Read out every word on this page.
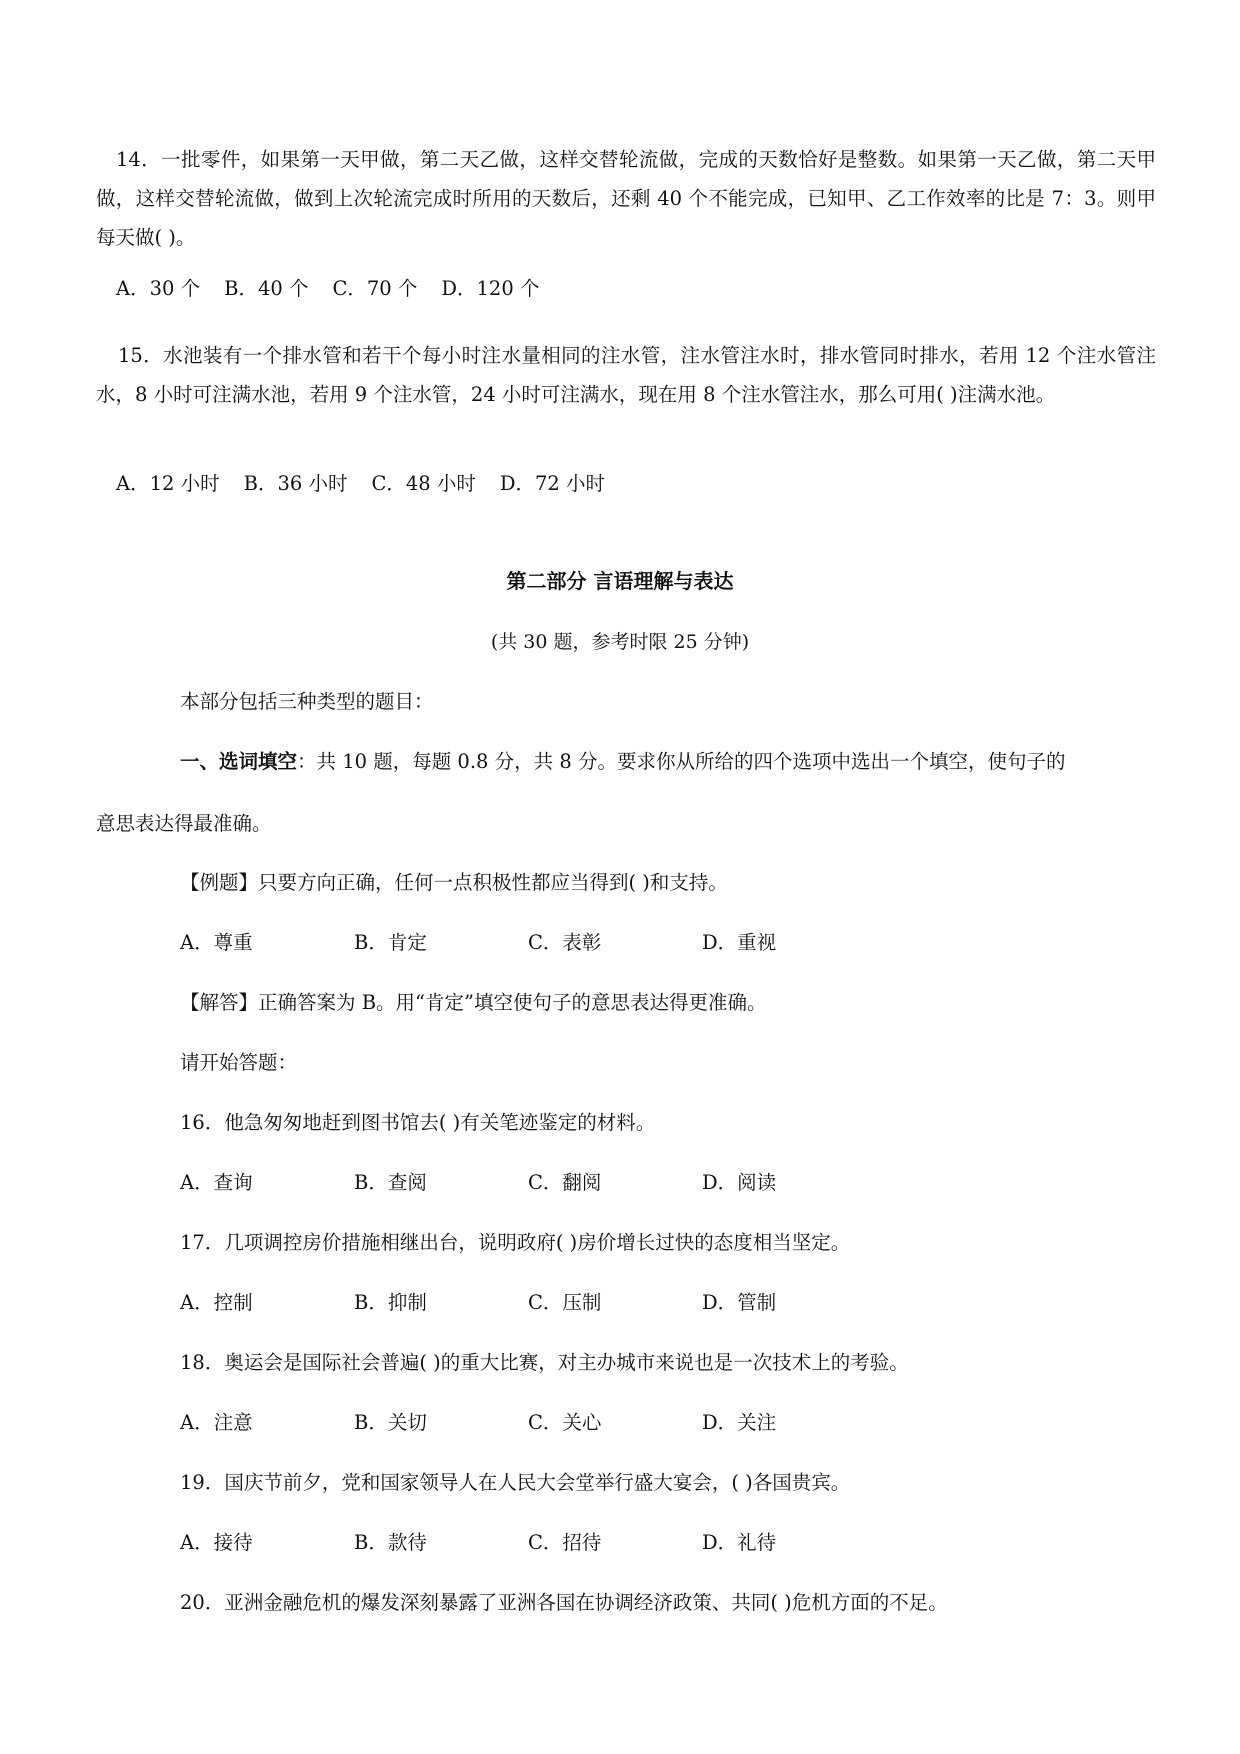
14．一批零件，如果第一天甲做，第二天乙做，这样交替轮流做，完成的天数恰好是整数。如果第一天乙做，第二天甲做，这样交替轮流做，做到上次轮流完成时所用的天数后，还剩 40 个不能完成，已知甲、乙工作效率的比是 7：3。则甲每天做( )。

A．30 个 B．40 个 C．70 个 D．120 个

15．水池装有一个排水管和若干个每小时注水量相同的注水管，注水管注水时，排水管同时排水，若用 12 个注水管注水，8 小时可注满水池，若用 9 个注水管，24 小时可注满水，现在用 8 个注水管注水，那么可用( )注满水池。

A．12 小时 B．36 小时 C．48 小时 D．72 小时

第二部分 言语理解与表达

(共 30 题，参考时限 25 分钟)

本部分包括三种类型的题目：

一、选词填空：共 10 题，每题 0.8 分，共 8 分。要求你从所给的四个选项中选出一个填空，使句子的

意思表达得最准确。

【例题】只要方向正确，任何一点积极性都应当得到( )和支持。

A．尊重	B．肯定	C．表彰	D．重视

【解答】正确答案为 B。用“肯定”填空使句子的意思表达得更准确。

请开始答题：

16．他急匆匆地赶到图书馆去( )有关笔迹鉴定的材料。

A．查询	B．查阅	C．翻阅	D．阅读

17．几项调控房价措施相继出台，说明政府( )房价增长过快的态度相当坚定。

A．控制	B．抑制	C．压制	D．管制

18．奥运会是国际社会普遍( )的重大比赛，对主办城市来说也是一次技术上的考验。

A．注意	B．关切	C．关心	D．关注

19．国庆节前夕，党和国家领导人在人民大会堂举行盛大宴会，( )各国贵宾。

A．接待	B．款待	C．招待	D．礼待

20．亚洲金融危机的爆发深刻暴露了亚洲各国在协调经济政策、共同( )危机方面的不足。
